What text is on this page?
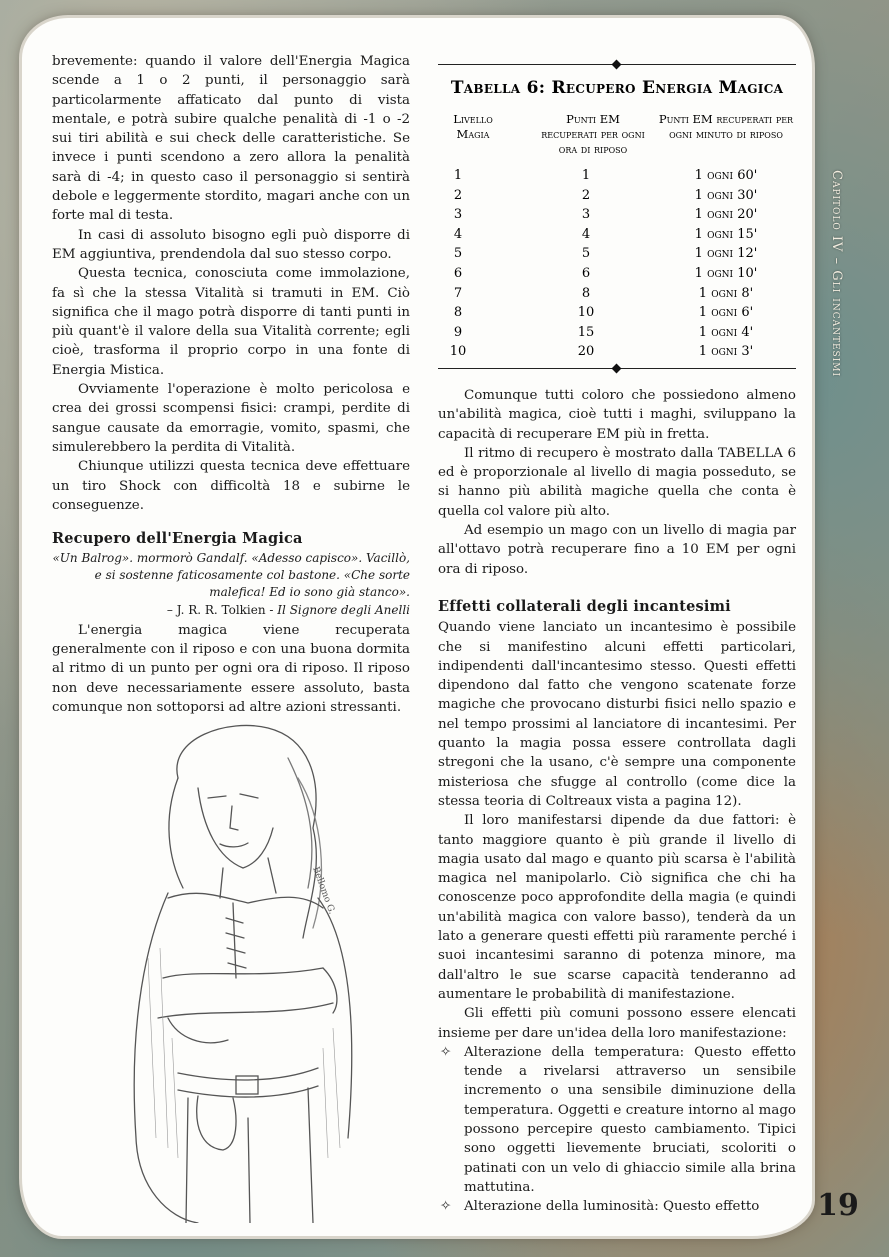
brevemente: quando il valore dell'Energia Magica scende a 1 o 2 punti, il personaggio sarà particolarmente affaticato dal punto di vista mentale, e potrà subire qualche penalità di -1 o -2 sui tiri abilità e sui check delle caratteristiche. Se invece i punti scendono a zero allora la penalità sarà di -4; in questo caso il personaggio si sentirà debole e leggermente stordito, magari anche con un forte mal di testa.

In casi di assoluto bisogno egli può disporre di EM aggiuntiva, prendendola dal suo stesso corpo.

Questa tecnica, conosciuta come immolazione, fa sì che la stessa Vitalità si tramuti in EM. Ciò significa che il mago potrà disporre di tanti punti in più quant'è il valore della sua Vitalità corrente; egli cioè, trasforma il proprio corpo in una fonte di Energia Mistica.

Ovviamente l'operazione è molto pericolosa e crea dei grossi scompensi fisici: crampi, perdite di sangue causate da emorragie, vomito, spasmi, che simulerebbero la perdita di Vitalità.

Chiunque utilizzi questa tecnica deve effettuare un tiro Shock con difficoltà 18 e subirne le conseguenze.

Recupero dell'Energia Magica

«Un Balrog». mormorò Gandalf. «Adesso capisco». Vacillò, e si sostenne faticosamente col bastone. «Che sorte malefica! Ed io sono già stanco».

– J. R. R. Tolkien - Il Signore degli Anelli

L'energia magica viene recuperata generalmente con il riposo e con una buona dormita al ritmo di un punto per ogni ora di riposo. Il riposo non deve necessariamente essere assoluto, basta comunque non sottoporsi ad altre azioni stressanti.

Bellomo G.
Tabella 6: Recupero Energia Magica
Livello Magia
Punti EM recuperati per ogni ora di riposo
Punti EM recuperati per ogni minuto di riposo
1	1	1 ogni 60'
2	2	1 ogni 30'
3	3	1 ogni 20'
4	4	1 ogni 15'
5	5	1 ogni 12'
6	6	1 ogni 10'
7	8	1 ogni 8'
8	10	1 ogni 6'
9	15	1 ogni 4'
10	20	1 ogni 3'

Comunque tutti coloro che possiedono almeno un'abilità magica, cioè tutti i maghi, sviluppano la capacità di recuperare EM più in fretta.

Il ritmo di recupero è mostrato dalla TABELLA 6 ed è proporzionale al livello di magia posseduto, se si hanno più abilità magiche quella che conta è quella col valore più alto.

Ad esempio un mago con un livello di magia par all'ottavo potrà recuperare fino a 10 EM per ogni ora di riposo.

Effetti collaterali degli incantesimi

Quando viene lanciato un incantesimo è possibile che si manifestino alcuni effetti particolari, indipendenti dall'incantesimo stesso. Questi effetti dipendono dal fatto che vengono scatenate forze magiche che provocano disturbi fisici nello spazio e nel tempo prossimi al lanciatore di incantesimi. Per quanto la magia possa essere controllata dagli stregoni che la usano, c'è sempre una componente misteriosa che sfugge al controllo (come dice la stessa teoria di Coltreaux vista a pagina 12).

Il loro manifestarsi dipende da due fattori: è tanto maggiore quanto è più grande il livello di magia usato dal mago e quanto più scarsa è l'abilità magica nel manipolarlo. Ciò significa che chi ha conoscenze poco approfondite della magia (e quindi un'abilità magica con valore basso), tenderà da un lato a generare questi effetti più raramente perché i suoi incantesimi saranno di potenza minore, ma dall'altro le sue scarse capacità tenderanno ad aumentare le probabilità di manifestazione.

Gli effetti più comuni possono essere elencati insieme per dare un'idea della loro manifestazione:

✧ Alterazione della temperatura: Questo effetto tende a rivelarsi attraverso un sensibile incremento o una sensibile diminuzione della temperatura. Oggetti e creature intorno al mago possono percepire questo cambiamento. Tipici sono oggetti lievemente bruciati, scoloriti o patinati con un velo di ghiaccio simile alla brina mattutina.

✧ Alterazione della luminosità: Questo effetto

Capitolo IV – Gli incantesimi
19
